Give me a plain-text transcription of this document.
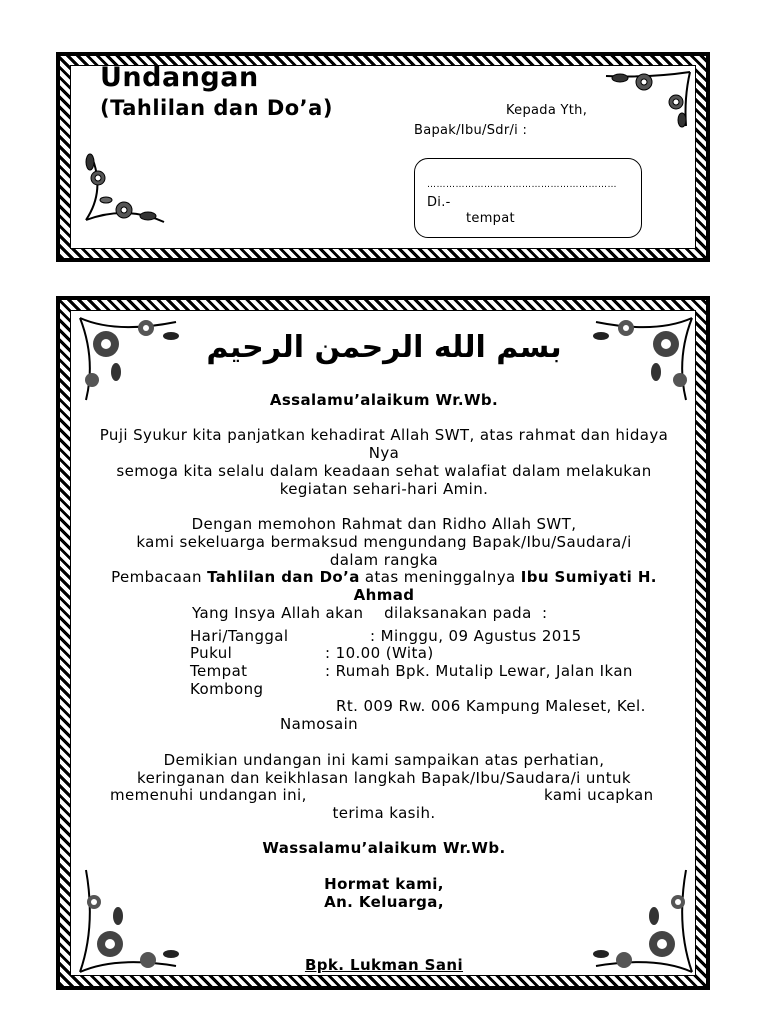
Undangan
(Tahlilan dan Do’a)	Kepada Yth,
Bapak/Ibu/Sdr/i :
……………………………………………………
Di.-
tempat
بسم الله الرحمن الرحيم
Assalamu’alaikum Wr.Wb.
Puji Syukur kita panjatkan kehadirat Allah SWT, atas rahmat dan hidaya
Nya
semoga kita selalu dalam keadaan sehat walafiat dalam melakukan
kegiatan sehari-hari Amin.
Dengan memohon Rahmat dan Ridho Allah SWT,
kami sekeluarga bermaksud mengundang Bapak/Ibu/Saudara/i
dalam rangka
Pembacaan Tahlilan dan Do’a atas meninggalnya Ibu Sumiyati H.
Ahmad
Yang Insya Allah akan    dilaksanakan pada  :
Hari/Tanggal	: Minggu, 09 Agustus 2015
Pukul	: 10.00 (Wita)
Tempat	: Rumah Bpk. Mutalip Lewar, Jalan Ikan
Kombong
Rt. 009 Rw. 006 Kampung Maleset, Kel.
Namosain
Demikian undangan ini kami sampaikan atas perhatian,
keringanan dan keikhlasan langkah Bapak/Ibu/Saudara/i untuk
memenuhi undangan ini,	kami ucapkan
terima kasih.
Wassalamu’alaikum Wr.Wb.
Hormat kami,
An. Keluarga,
Bpk. Lukman Sani
